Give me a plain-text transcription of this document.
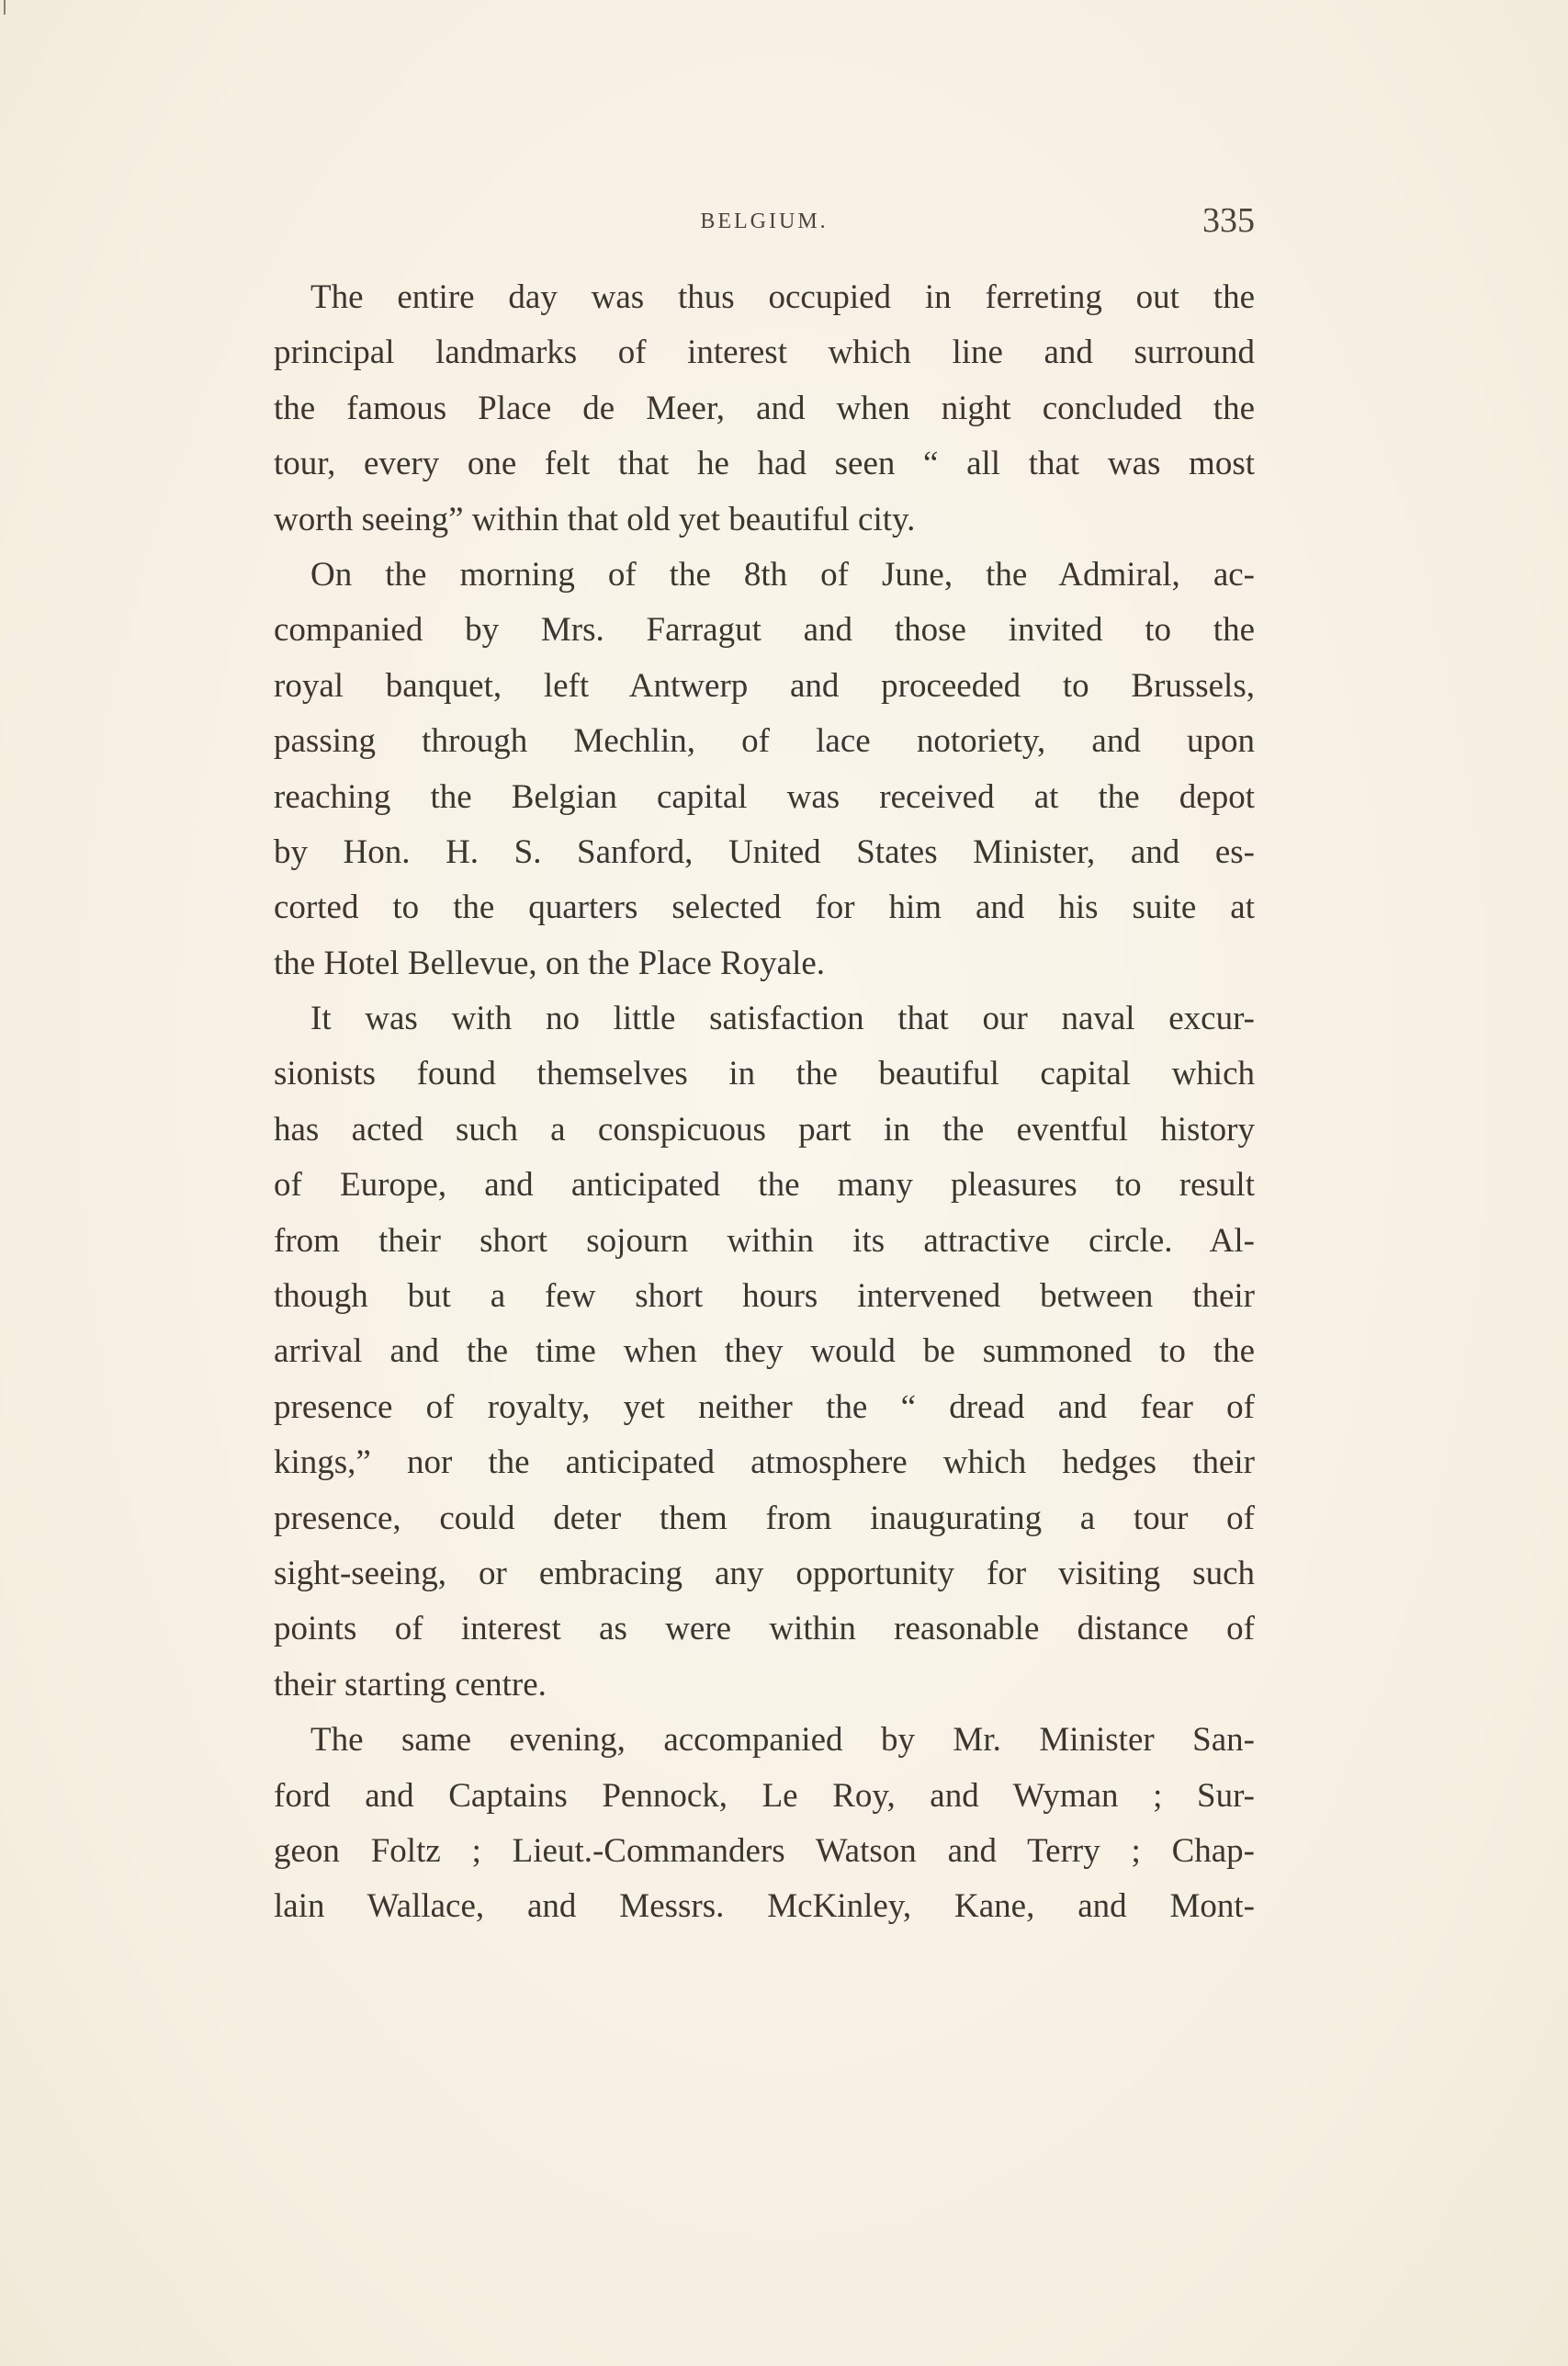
BELGIUM.	335
The entire day was thus occupied in ferreting out the
principal landmarks of interest which line and surround
the famous Place de Meer, and when night concluded the
tour, every one felt that he had seen “ all that was most
worth seeing” within that old yet beautiful city.
On the morning of the 8th of June, the Admiral, ac-
companied by Mrs. Farragut and those invited to the
royal banquet, left Antwerp and proceeded to Brussels,
passing through Mechlin, of lace notoriety, and upon
reaching the Belgian capital was received at the depot
by Hon. H. S. Sanford, United States Minister, and es-
corted to the quarters selected for him and his suite at
the Hotel Bellevue, on the Place Royale.
It was with no little satisfaction that our naval excur-
sionists found themselves in the beautiful capital which
has acted such a conspicuous part in the eventful history
of Europe, and anticipated the many pleasures to result
from their short sojourn within its attractive circle. Al-
though but a few short hours intervened between their
arrival and the time when they would be summoned to the
presence of royalty, yet neither the “ dread and fear of
kings,” nor the anticipated atmosphere which hedges their
presence, could deter them from inaugurating a tour of
sight-seeing, or embracing any opportunity for visiting such
points of interest as were within reasonable distance of
their starting centre.
The same evening, accompanied by Mr. Minister San-
ford and Captains Pennock, Le Roy, and Wyman ; Sur-
geon Foltz ; Lieut.-Commanders Watson and Terry ; Chap-
lain Wallace, and Messrs. McKinley, Kane, and Mont-
